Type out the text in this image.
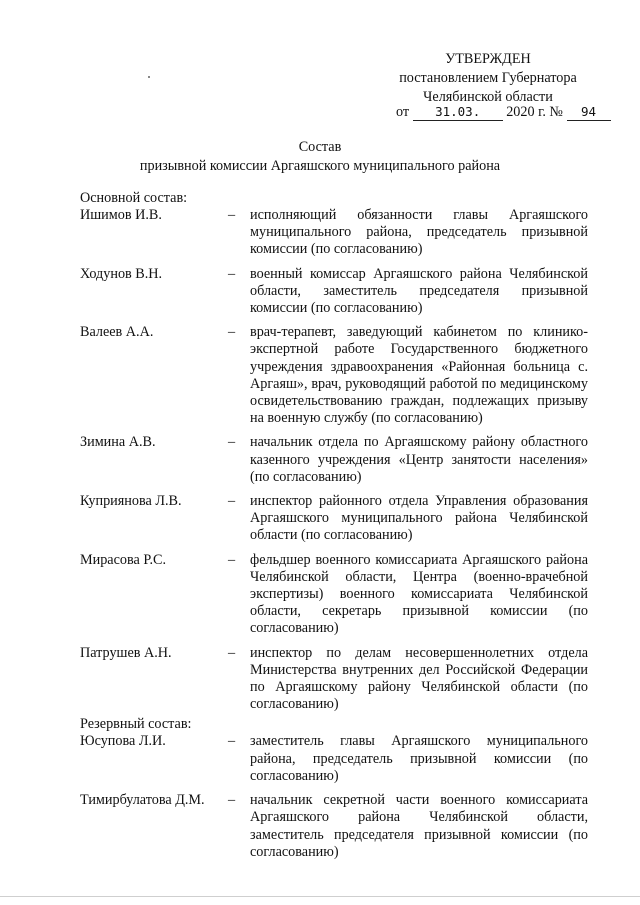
УТВЕРЖДЕН
постановлением Губернатора
Челябинской области
от 31.03. 2020 г. № 94
Состав
призывной комиссии Аргаяшского муниципального района

Основной состав:

Ишимов И.В.	–	исполняющий обязанности главы Аргаяшского муниципального района, председатель призывной комиссии (по согласованию)
Ходунов В.Н.	–	военный комиссар Аргаяшского района Челябинской области, заместитель председателя призывной комиссии (по согласованию)
Валеев А.А.	–	врач-терапевт, заведующий кабинетом по клинико-экспертной работе Государственного бюджетного учреждения здравоохранения «Районная больница с. Аргаяш», врач, руководящий работой по медицинскому освидетельствованию граждан, подлежащих призыву на военную службу (по согласованию)
Зимина А.В.	–	начальник отдела по Аргаяшскому району областного казенного учреждения «Центр занятости населения» (по согласованию)
Куприянова Л.В.	–	инспектор районного отдела Управления образования Аргаяшского муниципального района Челябинской области (по согласованию)
Мирасова Р.С.	–	фельдшер военного комиссариата Аргаяшского района Челябинской области, Центра (военно-врачебной экспертизы) военного комиссариата Челябинской области, секретарь призывной комиссии (по согласованию)
Патрушев А.Н.	–	инспектор по делам несовершеннолетних отдела Министерства внутренних дел Российской Федерации по Аргаяшскому району Челябинской области (по согласованию)

Резервный состав:

Юсупова Л.И.	–	заместитель главы Аргаяшского муниципального района, председатель призывной комиссии (по согласованию)
Тимирбулатова Д.М.	–	начальник секретной части военного комиссариата Аргаяшского района Челябинской области, заместитель председателя призывной комиссии (по согласованию)
